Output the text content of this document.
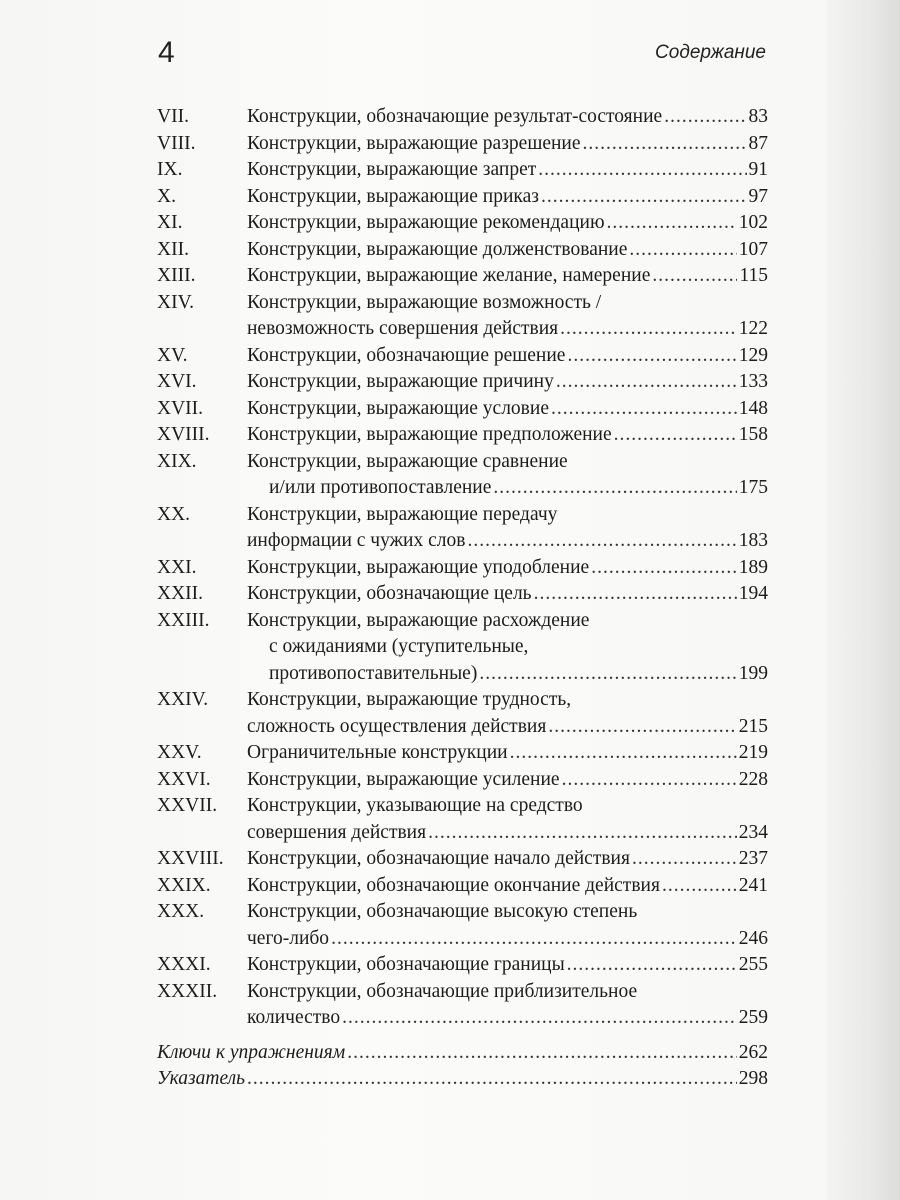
4	Содержание
VII.	Конструкции, обозначающие результат-состояние .....	83
VIII.	Конструкции, выражающие разрешение .....	87
IX.	Конструкции, выражающие запрет .....	91
X.	Конструкции, выражающие приказ .....	97
XI.	Конструкции, выражающие рекомендацию .....	102
XII.	Конструкции, выражающие долженствование .....	107
XIII.	Конструкции, выражающие желание, намерение .....	115
XIV.	Конструкции, выражающие возможность /
невозможность совершения действия .....	122
XV.	Конструкции, обозначающие решение .....	129
XVI.	Конструкции, выражающие причину .....	133
XVII. Конструкции, выражающие условие .....	148
XVIII. Конструкции, выражающие предположение .....	158
XIX.	Конструкции, выражающие сравнение
и/или противопоставление .....	175
XX.	Конструкции, выражающие передачу
информации с чужих слов .....	183
XXI.	Конструкции, выражающие уподобление .....	189
XXII. Конструкции, обозначающие цель .....	194
XXIII. Конструкции, выражающие расхождение
с ожиданиями (уступительные,
противопоставительные) .....	199
XXIV. Конструкции, выражающие трудность,
сложность осуществления действия .....	215
XXV. Ограничительные конструкции .....	219
XXVI. Конструкции, выражающие усиление .....	228
XXVII. Конструкции, указывающие на средство
совершения действия .....	234
XXVIII. Конструкции, обозначающие начало действия .....	237
XXIX. Конструкции, обозначающие окончание действия .....	241
XXX. Конструкции, обозначающие высокую степень
чего-либо .....	246
XXXI. Конструкции, обозначающие границы .....	255
XXXII. Конструкции, обозначающие приблизительное
количество .....	259
Ключи к упражнениям .....	262
Указатель .....	298
